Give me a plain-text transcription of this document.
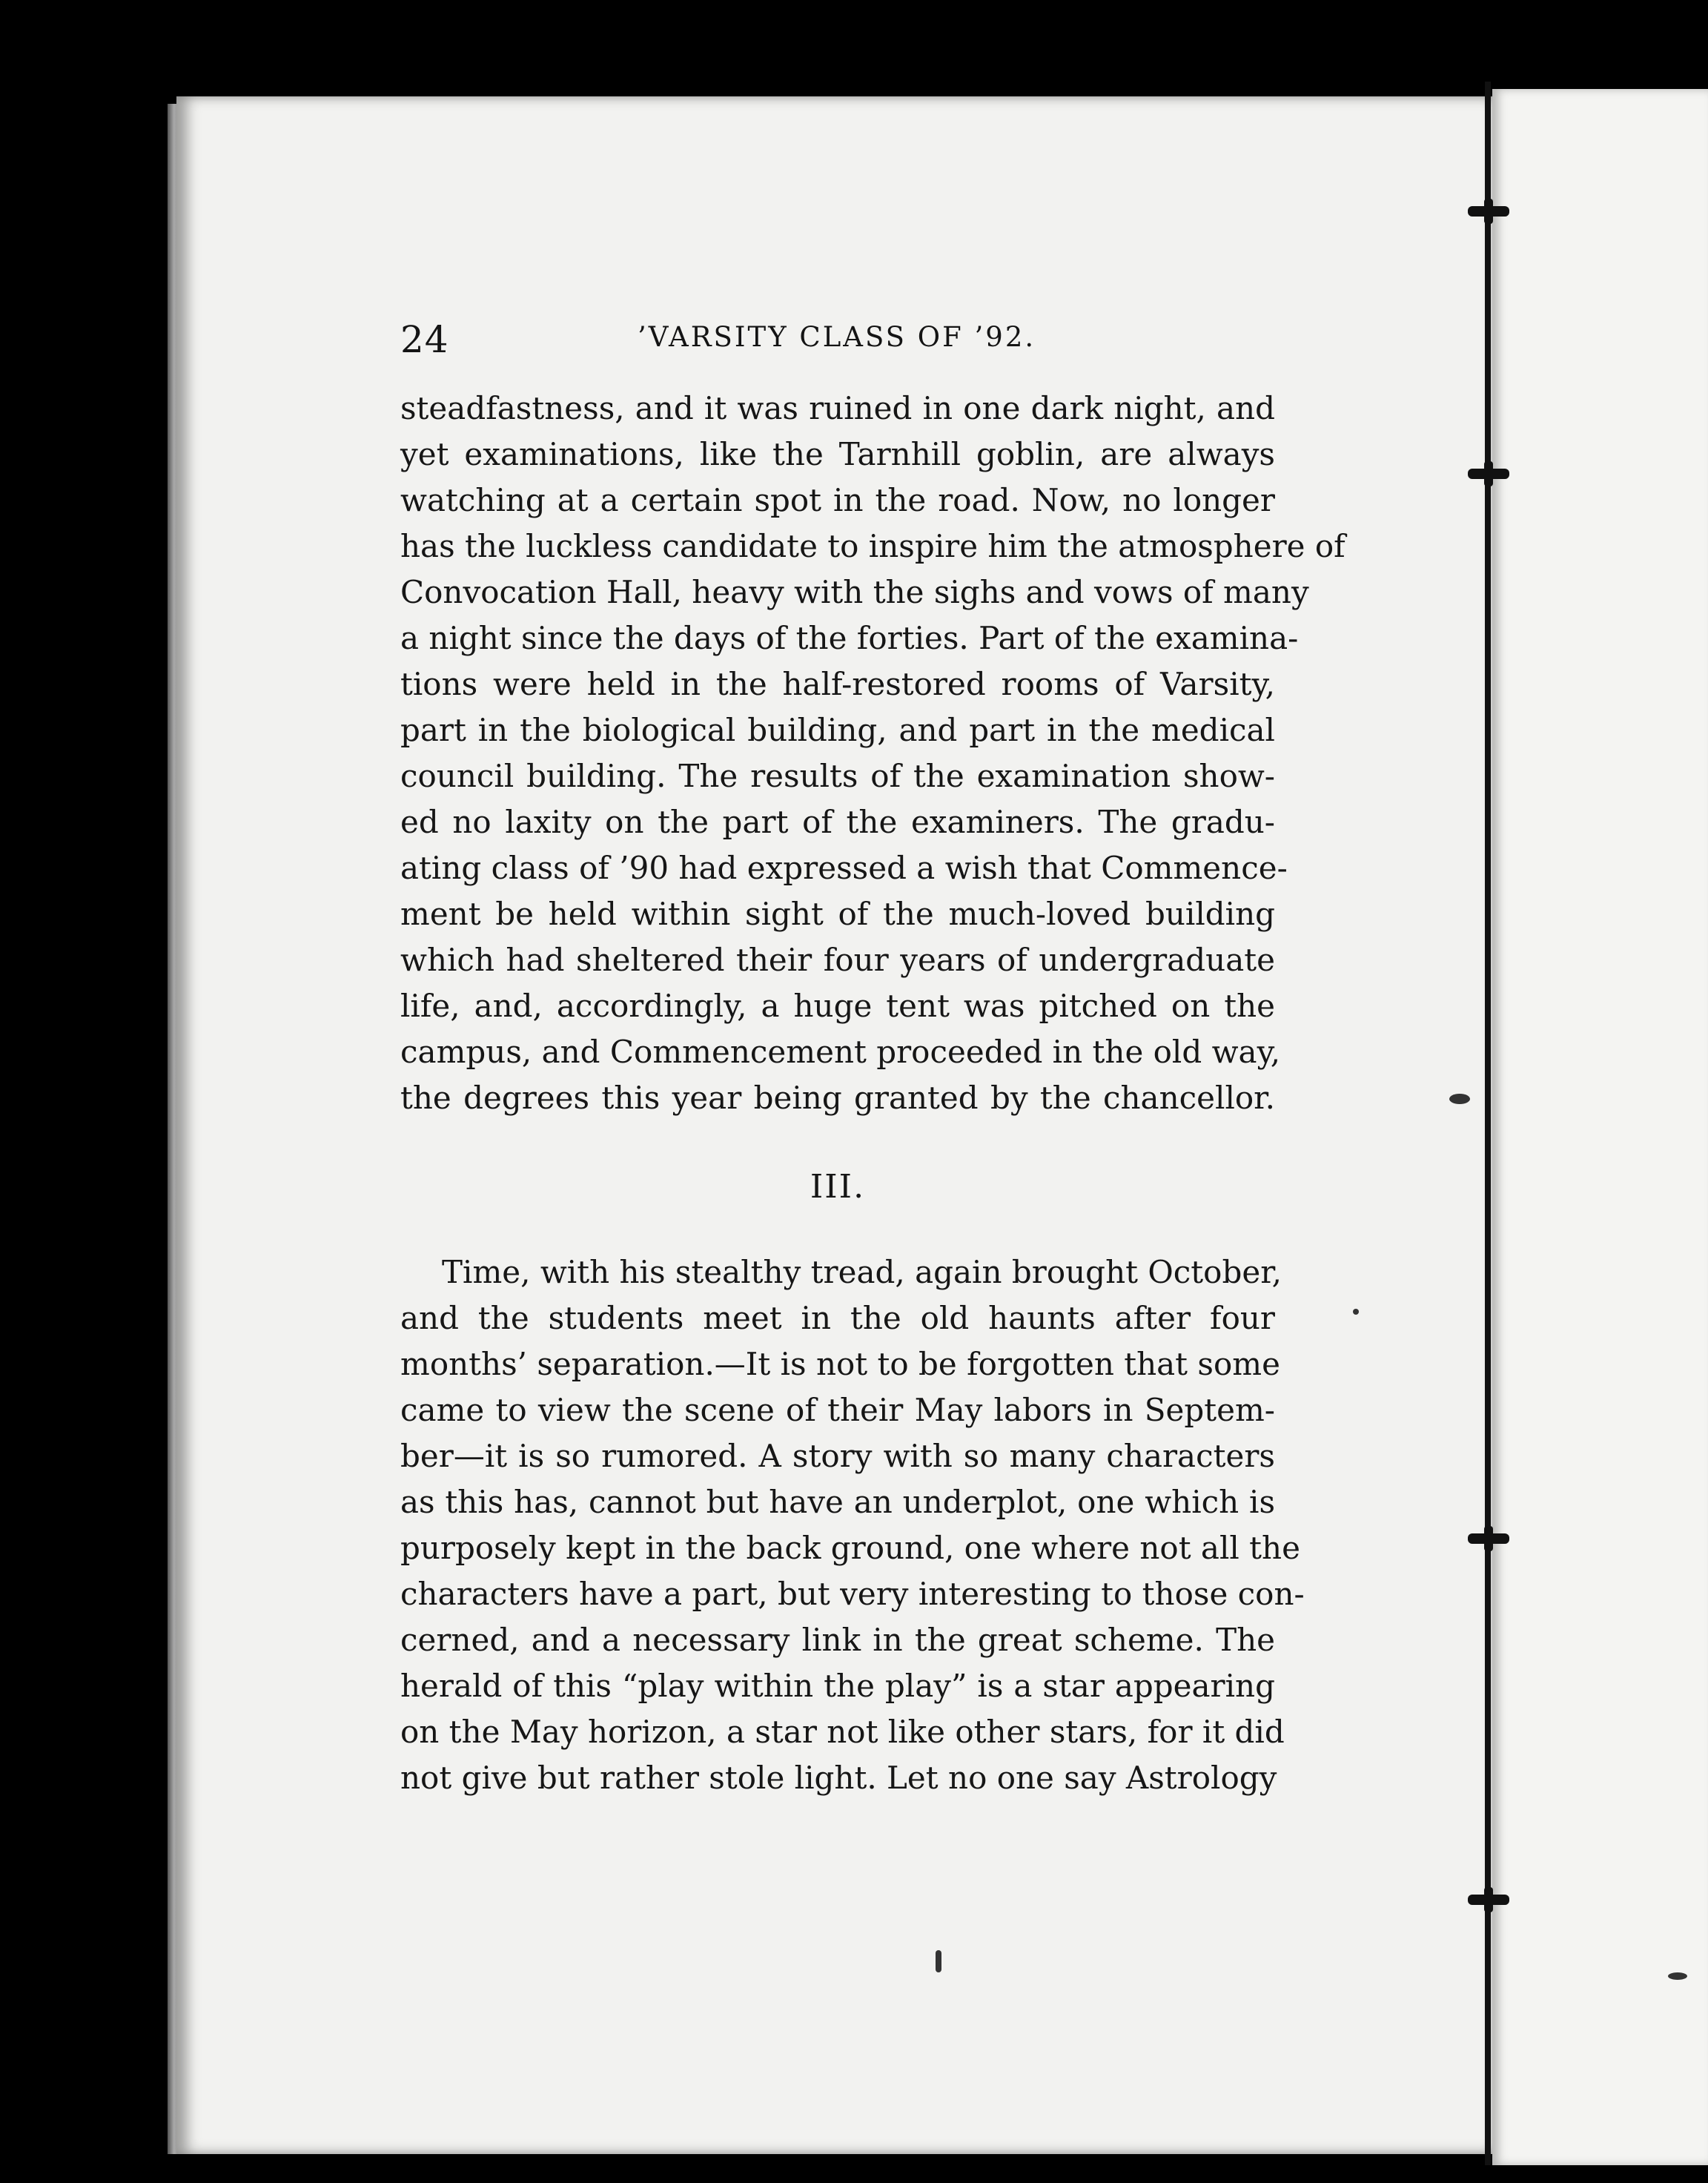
24	’VARSITY CLASS OF ’92.
steadfastness, and it was ruined in one dark night, and
yet examinations, like the Tarnhill goblin, are always
watching at a certain spot in the road. Now, no longer
has the luckless candidate to inspire him the atmosphere of
Convocation Hall, heavy with the sighs and vows of many
a night since the days of the forties. Part of the examina-
tions were held in the half-restored rooms of Varsity,
part in the biological building, and part in the medical
council building. The results of the examination show-
ed no laxity on the part of the examiners. The gradu-
ating class of ’90 had expressed a wish that Commence-
ment be held within sight of the much-loved building
which had sheltered their four years of undergraduate
life, and, accordingly, a huge tent was pitched on the
campus, and Commencement proceeded in the old way,
the degrees this year being granted by the chancellor.
III.
Time, with his stealthy tread, again brought October,
and the students meet in the old haunts after four
months’ separation.—It is not to be forgotten that some
came to view the scene of their May labors in Septem-
ber—it is so rumored. A story with so many characters
as this has, cannot but have an underplot, one which is
purposely kept in the back ground, one where not all the
characters have a part, but very interesting to those con-
cerned, and a necessary link in the great scheme. The
herald of this “play within the play” is a star appearing
on the May horizon, a star not like other stars, for it did
not give but rather stole light. Let no one say Astrology
